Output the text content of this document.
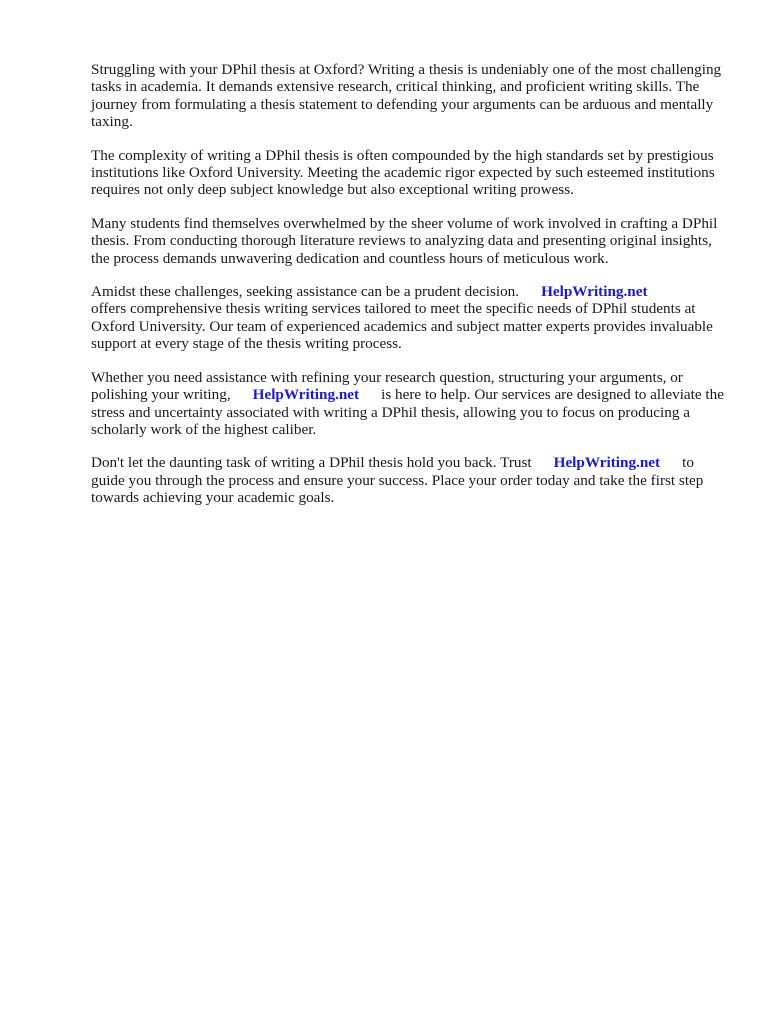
Struggling with your DPhil thesis at Oxford? Writing a thesis is undeniably one of the most challenging tasks in academia. It demands extensive research, critical thinking, and proficient writing skills. The journey from formulating a thesis statement to defending your arguments can be arduous and mentally taxing.

The complexity of writing a DPhil thesis is often compounded by the high standards set by prestigious institutions like Oxford University. Meeting the academic rigor expected by such esteemed institutions requires not only deep subject knowledge but also exceptional writing prowess.

Many students find themselves overwhelmed by the sheer volume of work involved in crafting a DPhil thesis. From conducting thorough literature reviews to analyzing data and presenting original insights, the process demands unwavering dedication and countless hours of meticulous work.

Amidst these challenges, seeking assistance can be a prudent decision. HelpWriting.net
offers comprehensive thesis writing services tailored to meet the specific needs of DPhil students at Oxford University. Our team of experienced academics and subject matter experts provides invaluable support at every stage of the thesis writing process.

Whether you need assistance with refining your research question, structuring your arguments, or polishing your writing, HelpWriting.net is here to help. Our services are designed to alleviate the stress and uncertainty associated with writing a DPhil thesis, allowing you to focus on producing a scholarly work of the highest caliber.

Don't let the daunting task of writing a DPhil thesis hold you back. Trust HelpWriting.net to guide you through the process and ensure your success. Place your order today and take the first step towards achieving your academic goals.
